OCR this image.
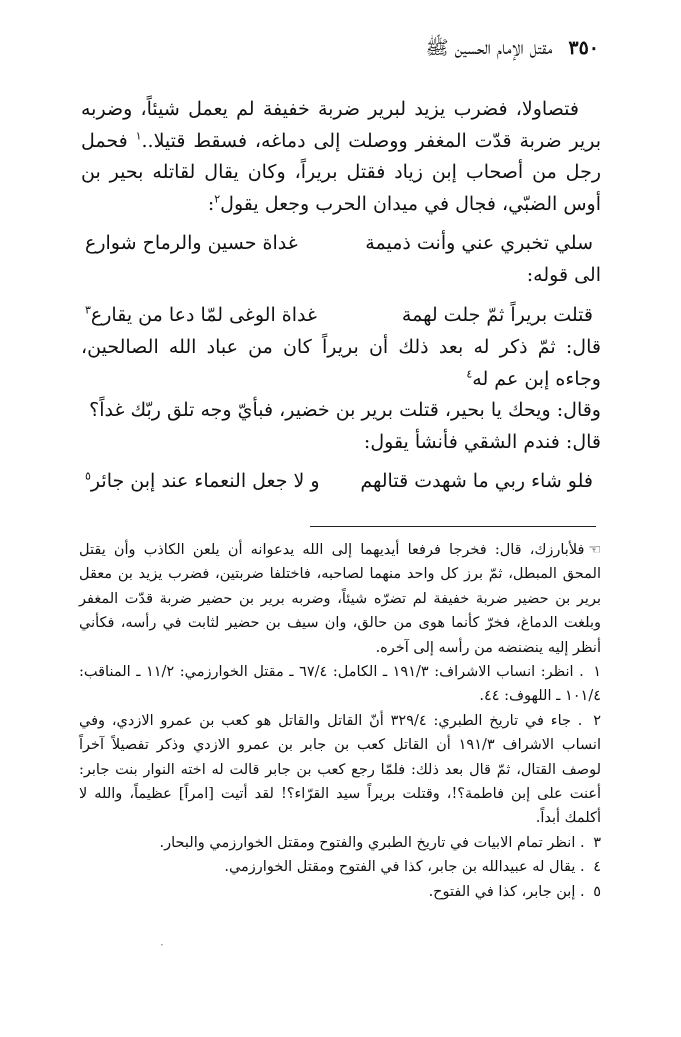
٣٥٠ مقتل الإمام الحسين ﷺ

فتصاولا، فضرب يزيد لبرير ضربة خفيفة لم يعمل شيئاً، وضربه برير ضربة قدّت المغفر ووصلت إلى دماغه، فسقط قتيلا..$^١$ فحمل رجل من أصحاب إبن زياد فقتل بريراً، وكان يقال لقاتله بحير بن أوس الضبّي، فجال في ميدان الحرب وجعل يقول$^٢$:

سلي تخبري عني وأنت ذميمة
غداة حسين والرماح شوارع

الى قوله:

قتلت بريراً ثمّ جلت لهمة
غداة الوغى لمّا دعا من يقارع$^٣$

قال: ثمّ ذكر له بعد ذلك أن بريراً كان من عباد الله الصالحين، وجاءه إبن عم له$^٤$

وقال: ويحك يا بحير، قتلت برير بن خضير، فبأيّ وجه تلق ربّك غداً؟

قال: فندم الشقي فأنشأ يقول:

فلو شاء ربي ما شهدت قتالهم
و لا جعل النعماء عند إبن جائر$^٥$

☜فلأبارزك، قال: فخرجا فرفعا أيديهما إلى الله يدعوانه أن يلعن الكاذب وأن يقتل المحق المبطل، ثمّ برز كل واحد منهما لصاحبه، فاختلفا ضربتين، فضرب يزيد بن معقل برير بن حضير ضربة خفيفة لم تضرّه شيئاً، وضربه برير بن حضير ضربة قدّت المغفر وبلغت الدماغ، فخرّ كأنما هوى من حالق، وان سيف بن حضير لثابت في رأسه، فكأني أنظر إليه ينضنضه من رأسه إلى آخره.

١ . انظر: انساب الاشراف: ١٩١/٣ ـ الكامل: ٦٧/٤ ـ مقتل الخوارزمي: ١١/٢ ـ المناقب: ١٠١/٤ ـ اللهوف: ٤٤.

٢ . جاء في تاريخ الطبري: ٣٢٩/٤ أنّ القاتل والقاتل هو كعب بن عمرو الازدي، وفي انساب الاشراف ١٩١/٣ أن القاتل كعب بن جابر بن عمرو الازدي وذكر تفصيلاً آخراً لوصف القتال، ثمّ قال بعد ذلك: فلمّا رجع كعب بن جابر قالت له اخته النوار بنت جابر: أعنت على إبن فاطمة؟!، وقتلت بريراً سيد القرّاء؟! لقد أتيت [امراً] عظيماً، والله لا أكلمك أبداً.

٣ . انظر تمام الابيات في تاريخ الطبري والفتوح ومقتل الخوارزمي والبحار.

٤ . يقال له عبيدالله بن جابر، كذا في الفتوح ومقتل الخوارزمي.

٥ . إبن جابر، كذا في الفتوح.

·
